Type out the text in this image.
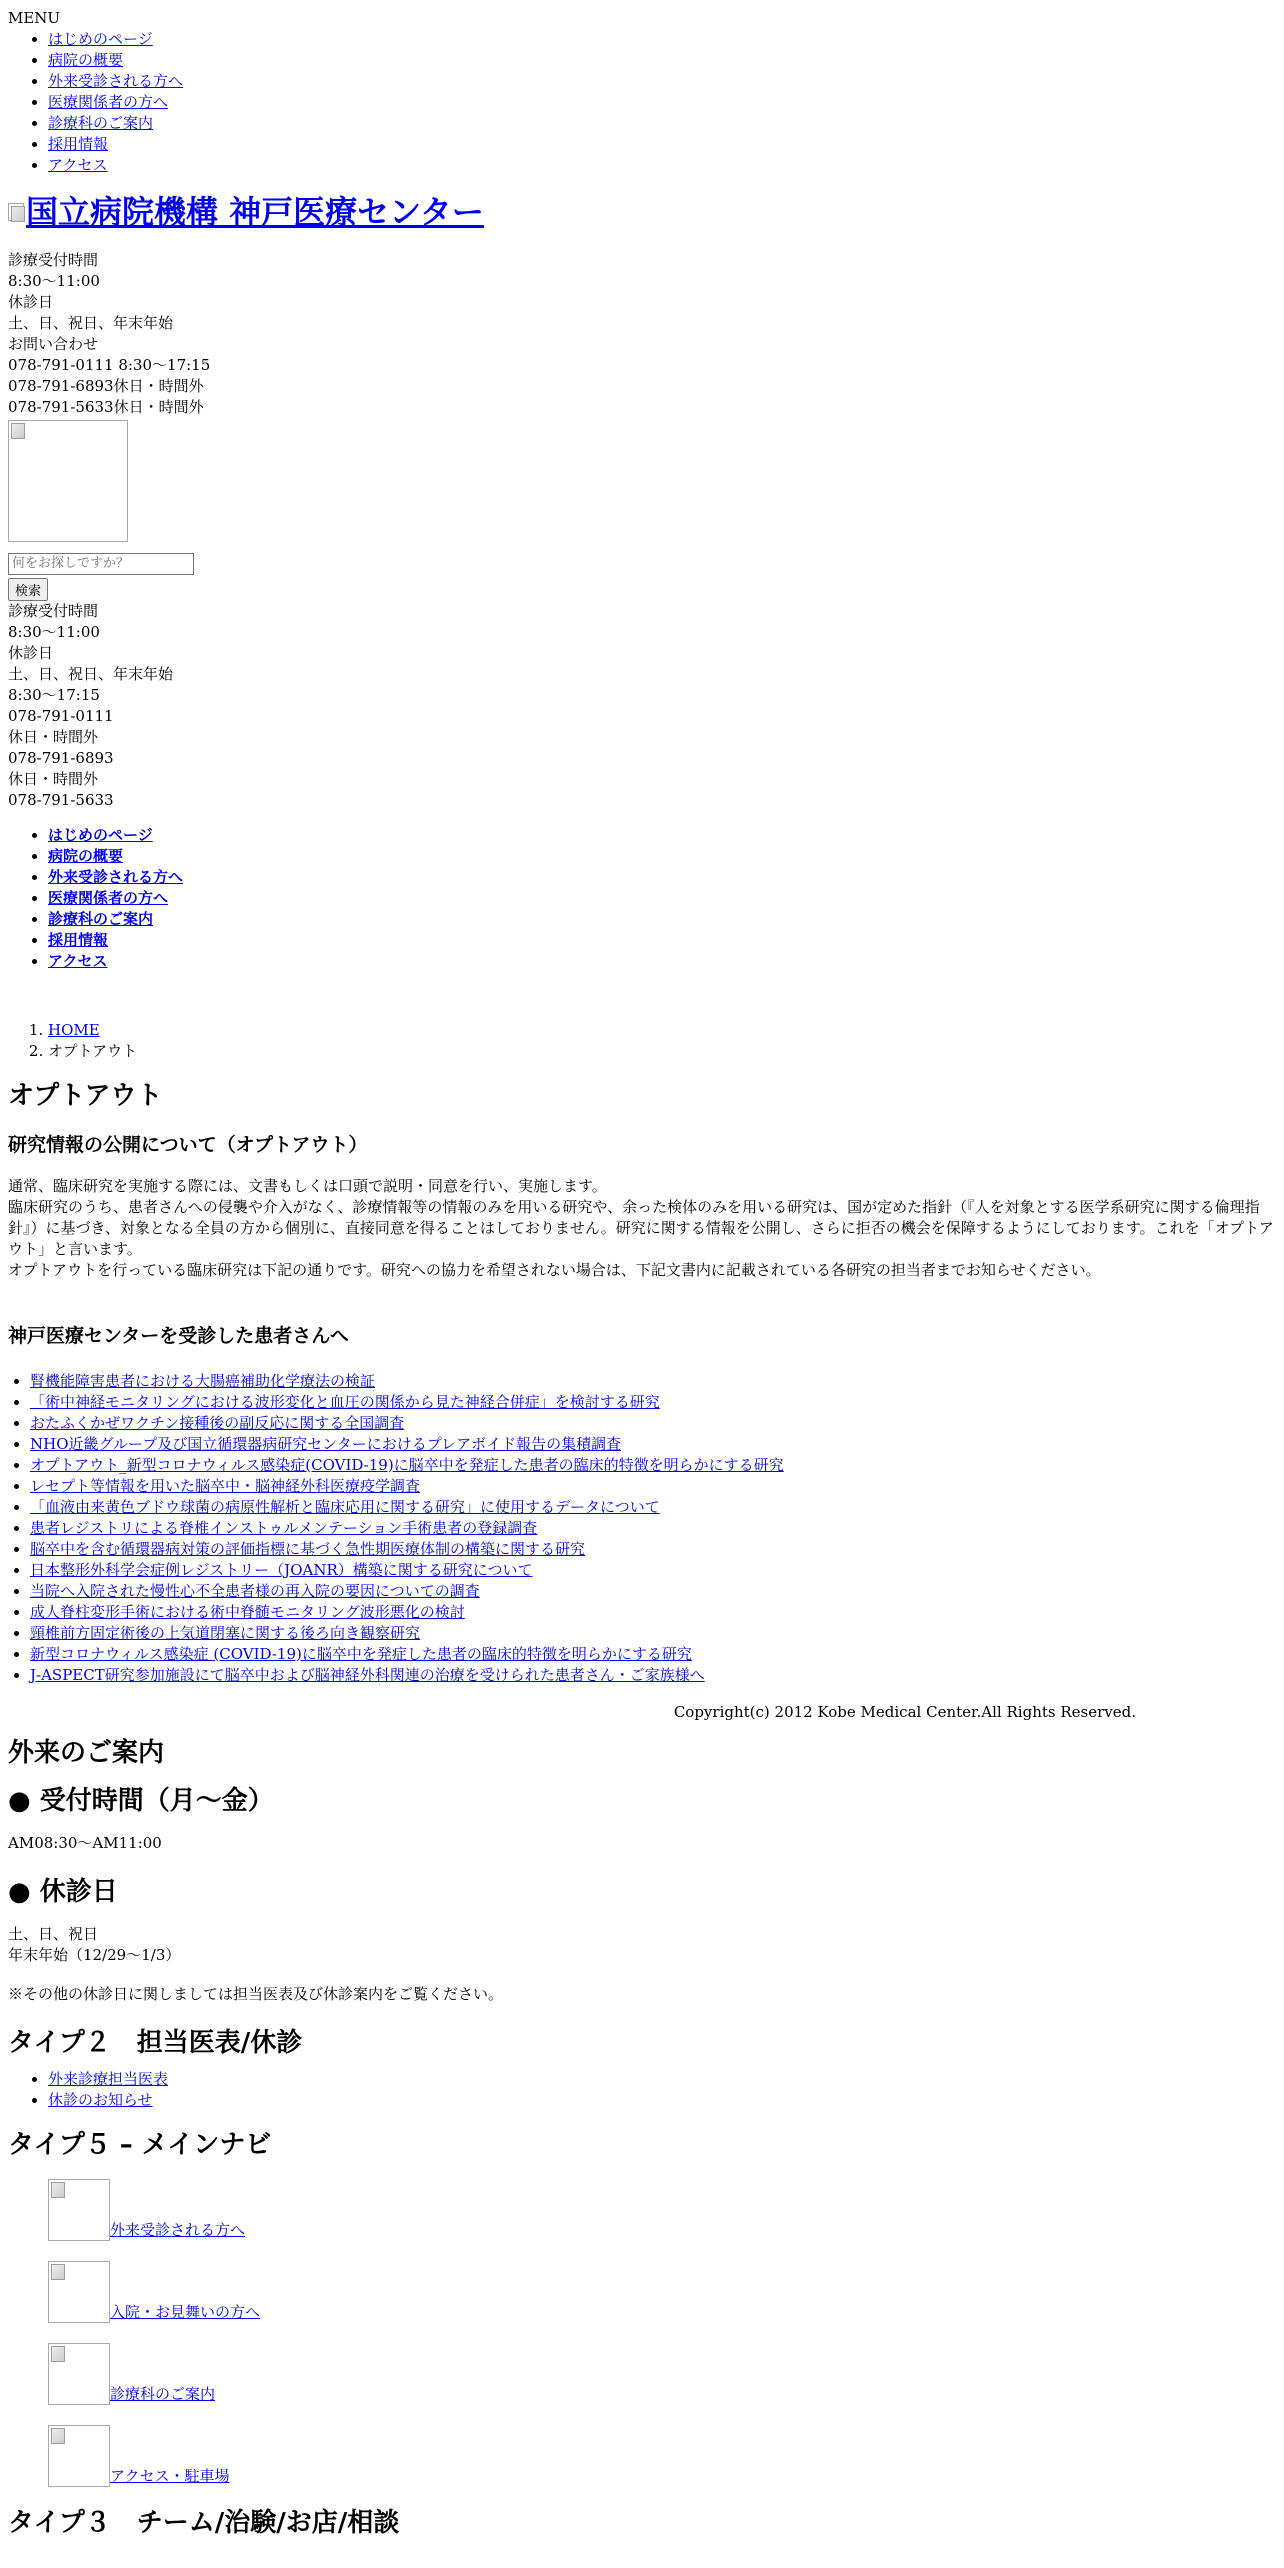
MENU
• はじめのページ
• 病院の概要
• 外来受診される方へ
• 医療関係者の方へ
• 診療科のご案内
• 採用情報
• アクセス
国立病院機構 神戸医療センター
診療受付時間
8:30〜11:00
休診日
土、日、祝日、年末年始
お問い合わせ
078-791-0111 8:30〜17:15
078-791-6893休日・時間外
078-791-5633休日・時間外
何をお探しですか？
検索
診療受付時間
8:30〜11:00
休診日
土、日、祝日、年末年始
8:30〜17:15
078-791-0111
休日・時間外
078-791-6893
休日・時間外
078-791-5633
• はじめのページ
• 病院の概要
• 外来受診される方へ
• 医療関係者の方へ
• 診療科のご案内
• 採用情報
• アクセス
1. HOME
2. オプトアウト
オプトアウト
研究情報の公開について（オプトアウト）
通常、臨床研究を実施する際には、文書もしくは口頭で説明・同意を行い、実施します。
臨床研究のうち、患者さんへの侵襲や介入がなく、診療情報等の情報のみを用いる研究や、余った検体のみを用いる研究は、国が定めた指針（『人を対象とする医学系研究に関する倫理指針』）に基づき、対象となる全員の方から個別に、直接同意を得ることはしておりません。研究に関する情報を公開し、さらに拒否の機会を保障するようにしております。これを「オプトアウト」と言います。
オプトアウトを行っている臨床研究は下記の通りです。研究への協力を希望されない場合は、下記文書内に記載されている各研究の担当者までお知らせください。
神戸医療センターを受診した患者さんへ
• 腎機能障害患者における大腸癌補助化学療法の検証
• 「術中神経モニタリングにおける波形変化と血圧の関係から見た神経合併症」を検討する研究
• おたふくかぜワクチン接種後の副反応に関する全国調査
• NHO近畿グループ及び国立循環器病研究センターにおけるプレアボイド報告の集積調査
• オプトアウト_新型コロナウィルス感染症(COVID-19)に脳卒中を発症した患者の臨床的特徴を明らかにする研究
• レセプト等情報を用いた脳卒中・脳神経外科医療疫学調査
• 「血液由来黄色ブドウ球菌の病原性解析と臨床応用に関する研究」に使用するデータについて
• 患者レジストリによる脊椎インストゥルメンテーション手術患者の登録調査
• 脳卒中を含む循環器病対策の評価指標に基づく急性期医療体制の構築に関する研究
• 日本整形外科学会症例レジストリー（JOANR）構築に関する研究について
• 当院へ入院された慢性心不全患者様の再入院の要因についての調査
• 成人脊柱変形手術における術中脊髄モニタリング波形悪化の検討
• 頸椎前方固定術後の上気道閉塞に関する後ろ向き観察研究
• 新型コロナウィルス感染症 (COVID-19)に脳卒中を発症した患者の臨床的特徴を明らかにする研究
• J-ASPECT研究参加施設にて脳卒中および脳神経外科関連の治療を受けられた患者さん・ご家族様へ
Copyright(c) 2012 Kobe Medical Center.All Rights Reserved.
外来のご案内
● 受付時間（月～金）
AM08:30～AM11:00
● 休診日
土、日、祝日
年末年始（12/29～1/3）
※その他の休診日に関しましては担当医表及び休診案内をご覧ください。
タイプ２　担当医表/休診
• 外来診療担当医表
• 休診のお知らせ
タイプ５ – メインナビ
外来受診される方へ
入院・お見舞いの方へ
診療科のご案内
アクセス・駐車場
タイプ３　チーム/治験/お店/相談
